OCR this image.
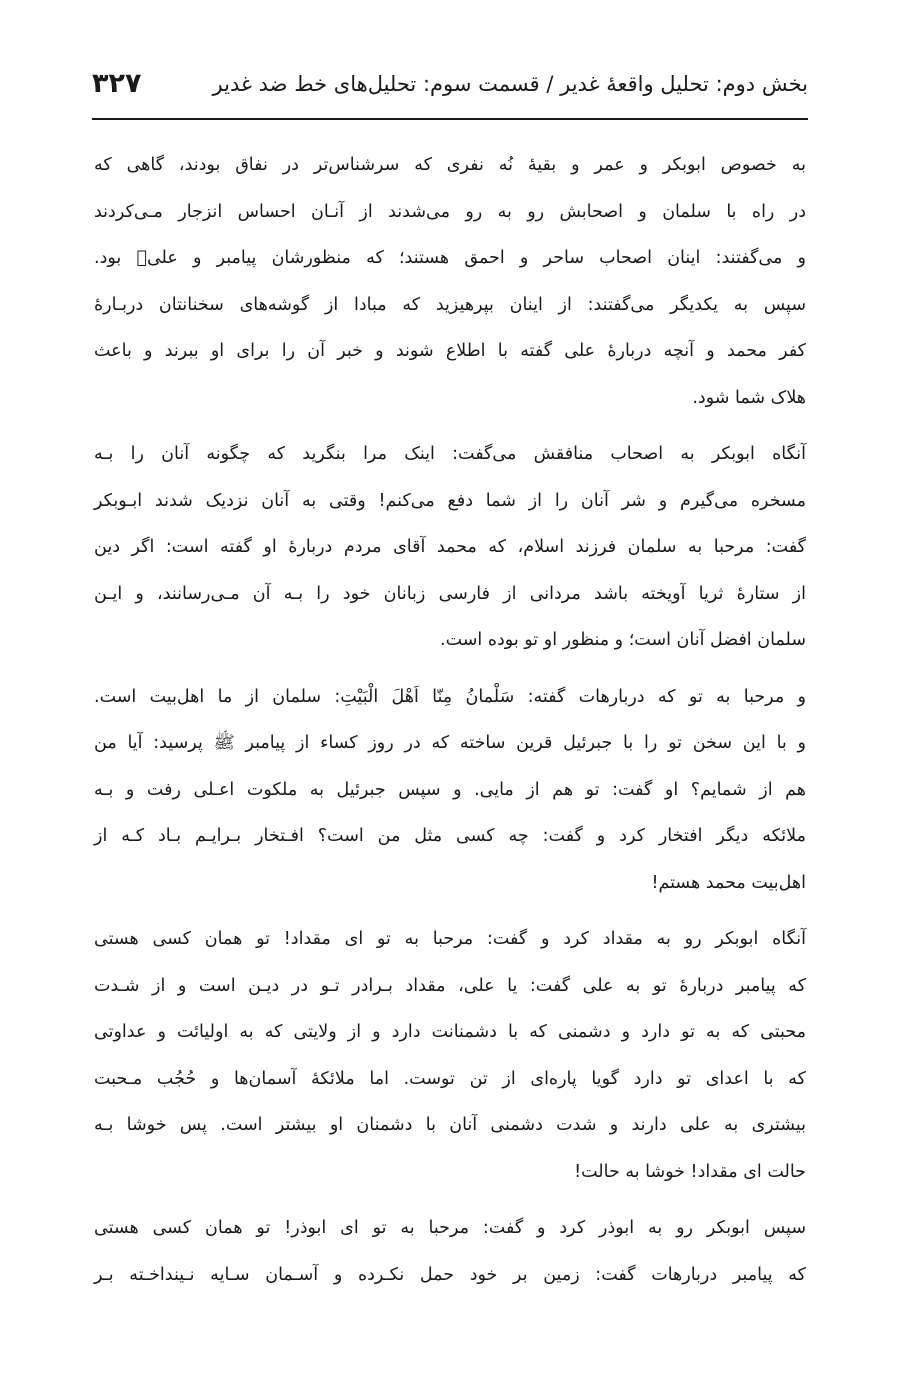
بخش دوم: تحلیل واقعهٔ غدیر / قسمت سوم: تحلیل‌های خط ضد غدیر
۳۲۷
به خصوص ابوبکر و عمر و بقیهٔ نُه نفری که سرشناس‌تر در نفاق بودند، گاهی که
در راه با سلمان و اصحابش رو به رو می‌شدند از آنـان احساس انزجار مـی‌کردند
و می‌گفتند: اینان اصحاب ساحر و احمق هستند؛ که منظورشان پیامبر و علیؑ بود.
سپس به یکدیگر می‌گفتند: از اینان بپرهیزید که مبادا از گوشه‌های سخنانتان دربـارهٔ
کفر محمد و آنچه دربارهٔ علی گفته با اطلاع شوند و خبر آن را برای او ببرند و باعث
هلاک شما شود.
آنگاه ابوبکر به اصحاب منافقش می‌گفت: اینک مرا بنگرید که چگونه آنان را بـه
مسخره می‌گیرم و شر آنان را از شما دفع می‌کنم! وقتی به آنان نزدیک شدند ابـوبکر
گفت: مرحبا به سلمان فرزند اسلام، که محمد آقای مردم دربارهٔ او گفته است: اگر دین
از ستارهٔ ثریا آویخته باشد مردانی از فارسی زبانان خود را بـه آن مـی‌رسانند، و ایـن
سلمان افضل آنان است؛ و منظور او تو بوده است.
و مرحبا به تو که دربارهات گفته: سَلْمانُ مِنّا اَهْلَ الْبَیْتِ: سلمان از ما اهل‌بیت است.
و با این سخن تو را با جبرئیل قرین ساخته که در روز کساء از پیامبر ﷺ پرسید: آیا من
هم از شمایم؟ او گفت: تو هم از مایی. و سپس جبرئیل به ملکوت اعـلی رفت و بـه
ملائکه دیگر افتخار کرد و گفت: چه کسی مثل من است؟ افـتخار بـرایـم بـاد کـه از
اهل‌بیت محمد هستم!
آنگاه ابوبکر رو به مقداد کرد و گفت: مرحبا به تو ای مقداد! تو همان کسی هستی
که پیامبر دربارهٔ تو به علی گفت: یا علی، مقداد بـرادر تـو در دیـن است و از شـدت
محبتی که به تو دارد و دشمنی که با دشمنانت دارد و از ولایتی که به اولیائت و عداوتی
که با اعدای تو دارد گویا پاره‌ای از تن توست. اما ملائکهٔ آسمان‌ها و حُجُب مـحبت
بیشتری به علی دارند و شدت دشمنی آنان با دشمنان او بیشتر است. پس خوشا بـه
حالت ای مقداد! خوشا به حالت!
سپس ابوبکر رو به ابوذر کرد و گفت: مرحبا به تو ای ابوذر! تو همان کسی هستی
که پیامبر دربارهات گفت: زمین بر خود حمل نکـرده و آسـمان سـایه نـینداخـته بـر
